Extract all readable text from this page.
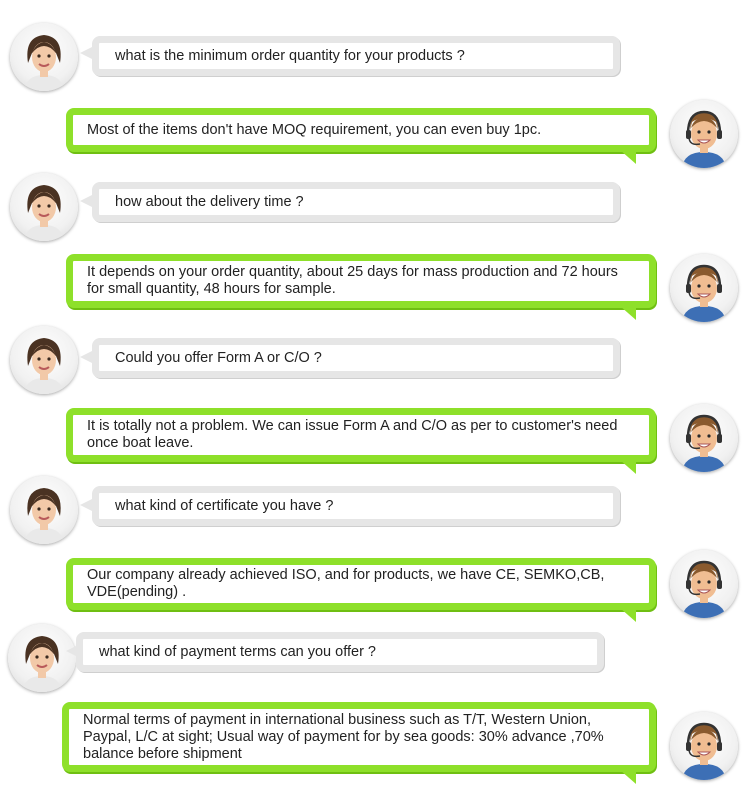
what is the minimum order quantity for your products ?
Most of the items don't have MOQ requirement, you can even buy 1pc.
how about the delivery time ?
It depends on your order quantity, about 25 days for mass production and 72 hours for small quantity, 48 hours for sample.
Could you offer Form A or C/O ?
It is totally not a problem. We can issue Form A and C/O as per to customer's need once boat leave.
what kind of certificate you have ?
Our company already achieved ISO, and for products, we have CE, SEMKO,CB, VDE(pending) .
what kind of payment terms can you offer ?
Normal terms of payment in international business such as T/T, Western Union, Paypal, L/C at sight; Usual way of payment for by sea goods: 30% advance ,70% balance before shipment
